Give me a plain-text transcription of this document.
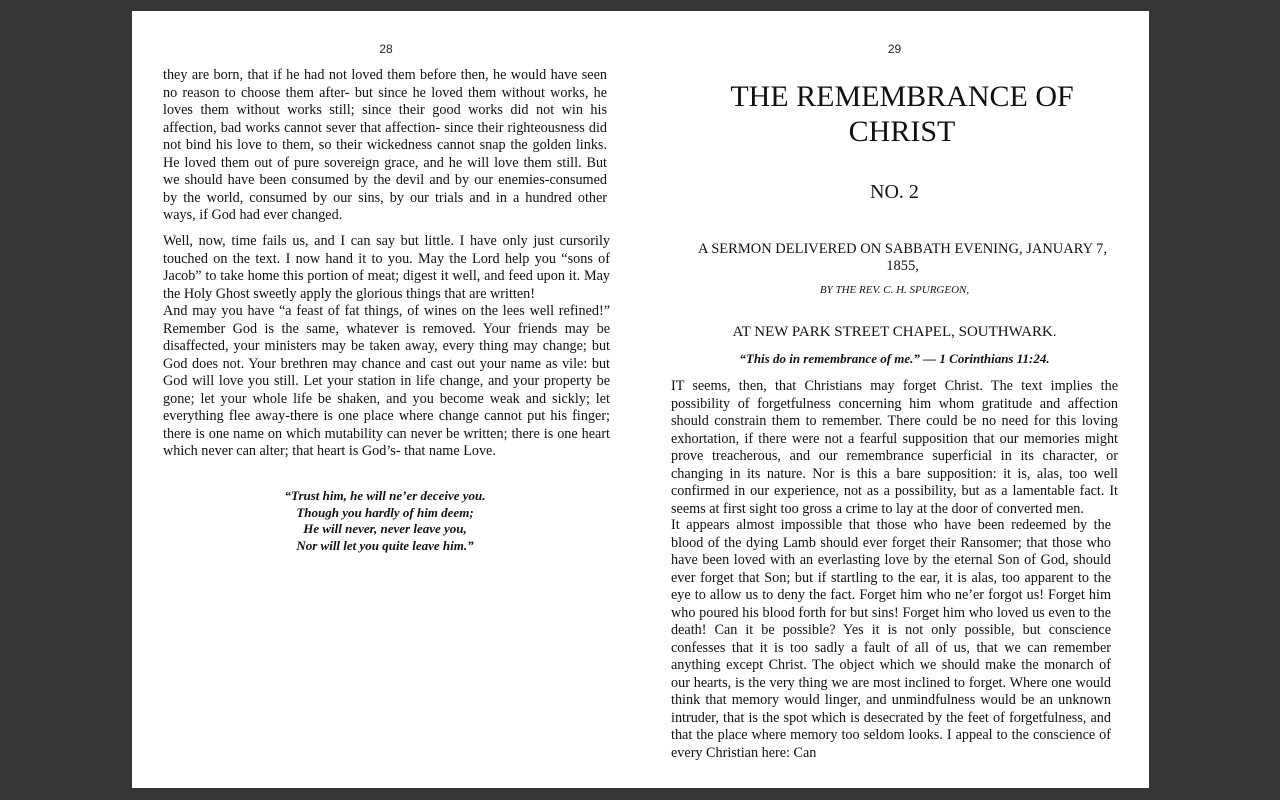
28
they are born, that if he had not loved them before then, he would have seen no reason to choose them after- but since he loved them without works, he loves them without works still; since their good works did not win his affection, bad works cannot sever that affection- since their righteousness did not bind his love to them, so their wickedness cannot snap the golden links. He loved them out of pure sovereign grace, and he will love them still. But we should have been consumed by the devil and by our enemies-consumed by the world, consumed by our sins, by our trials and in a hundred other ways, if God had ever changed.

Well, now, time fails us, and I can say but little. I have only just cursorily touched on the text. I now hand it to you. May the Lord help you “sons of Jacob” to take home this portion of meat; digest it well, and feed upon it. May the Holy Ghost sweetly apply the glorious things that are written!

And may you have “a feast of fat things, of wines on the lees well refined!” Remember God is the same, whatever is removed. Your friends may be disaffected, your ministers may be taken away, every thing may change; but God does not. Your brethren may chance and cast out your name as vile: but God will love you still. Let your station in life change, and your property be gone; let your whole life be shaken, and you become weak and sickly; let everything flee away-there is one place where change cannot put his finger; there is one name on which mutability can never be written; there is one heart which never can alter; that heart is God’s- that name Love.

“Trust him, he will ne’er deceive you.
Though you hardly of him deem;
He will never, never leave you,
Nor will let you quite leave him.”
29
THE REMEMBRANCE OF
CHRIST
NO. 2
A SERMON DELIVERED ON SABBATH EVENING, JANUARY 7,
1855,
BY THE REV. C. H. SPURGEON,
AT NEW PARK STREET CHAPEL, SOUTHWARK.
“This do in remembrance of me.” — 1 Corinthians 11:24.
IT seems, then, that Christians may forget Christ. The text implies the possibility of forgetfulness concerning him whom gratitude and affection should constrain them to remember. There could be no need for this loving exhortation, if there were not a fearful supposition that our memories might prove treacherous, and our remembrance superficial in its character, or changing in its nature. Nor is this a bare supposition: it is, alas, too well confirmed in our experience, not as a possibility, but as a lamentable fact. It seems at first sight too gross a crime to lay at the door of converted men.
It appears almost impossible that those who have been redeemed by the blood of the dying Lamb should ever forget their Ransomer; that those who have been loved with an everlasting love by the eternal Son of God, should ever forget that Son; but if startling to the ear, it is alas, too apparent to the eye to allow us to deny the fact. Forget him who ne’er forgot us! Forget him who poured his blood forth for but sins! Forget him who loved us even to the death! Can it be possible? Yes it is not only possible, but conscience confesses that it is too sadly a fault of all of us, that we can remember anything except Christ. The object which we should make the monarch of our hearts, is the very thing we are most inclined to forget. Where one would think that memory would linger, and unmindfulness would be an unknown intruder, that is the spot which is desecrated by the feet of forgetfulness, and that the place where memory too seldom looks. I appeal to the conscience of every Christian here: Can
